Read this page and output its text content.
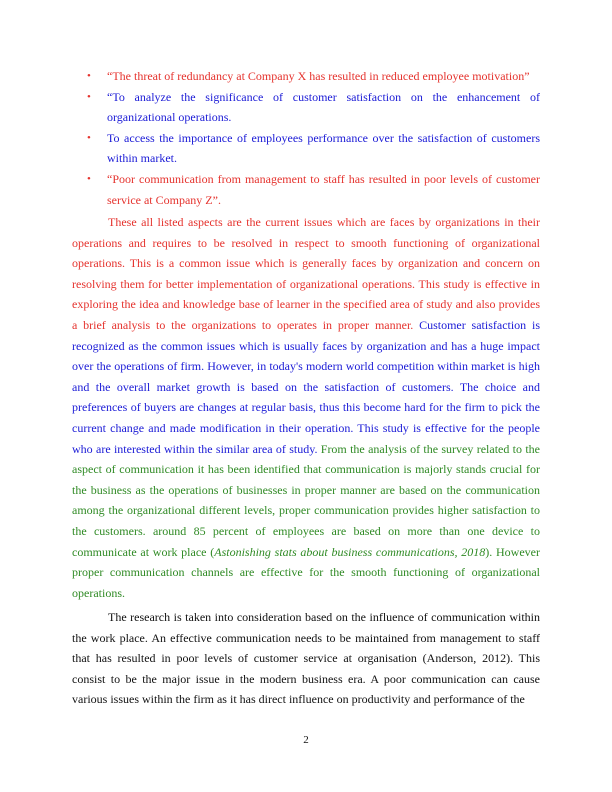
• “The threat of redundancy at Company X has resulted in reduced employee motivation”
• “To analyze the significance of customer satisfaction on the enhancement of organizational operations.
• To access the importance of employees performance over the satisfaction of customers within market.
• “Poor communication from management to staff has resulted in poor levels of customer service at Company Z”.

These all listed aspects are the current issues which are faces by organizations in their operations and requires to be resolved in respect to smooth functioning of organizational operations. This is a common issue which is generally faces by organization and concern on resolving them for better implementation of organizational operations. This study is effective in exploring the idea and knowledge base of learner in the specified area of study and also provides a brief analysis to the organizations to operates in proper manner. Customer satisfaction is recognized as the common issues which is usually faces by organization and has a huge impact over the operations of firm. However, in today's modern world competition within market is high and the overall market growth is based on the satisfaction of customers. The choice and preferences of buyers are changes at regular basis, thus this become hard for the firm to pick the current change and made modification in their operation. This study is effective for the people who are interested within the similar area of study. From the analysis of the survey related to the aspect of communication it has been identified that communication is majorly stands crucial for the business as the operations of businesses in proper manner are based on the communication among the organizational different levels, proper communication provides higher satisfaction to the customers. around 85 percent of employees are based on more than one device to communicate at work place (Astonishing stats about business communications, 2018). However proper communication channels are effective for the smooth functioning of organizational operations.

The research is taken into consideration based on the influence of communication within the work place. An effective communication needs to be maintained from management to staff that has resulted in poor levels of customer service at organisation (Anderson, 2012). This consist to be the major issue in the modern business era. A poor communication can cause various issues within the firm as it has direct influence on productivity and performance of the

2
